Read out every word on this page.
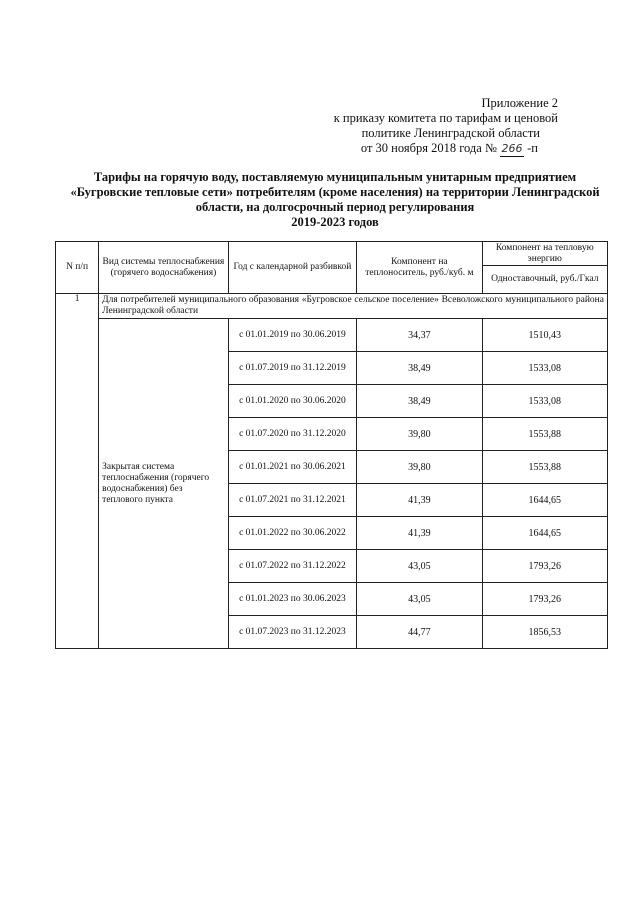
Приложение 2
к приказу комитета по тарифам и ценовой
политике Ленинградской области
от 30 ноября 2018 года № 266 -п
Тарифы на горячую воду, поставляемую муниципальным унитарным предприятием
«Бугровские тепловые сети» потребителям (кроме населения) на территории Ленинградской
области, на долгосрочный период регулирования
2019-2023 годов
N п/п	Вид системы теплоснабжения (горячего водоснабжения)	Год с календарной разбивкой	Компонент на теплоноситель, руб./куб. м	Компонент на тепловую энергию
				Одноставочный, руб./Гкал
1	Для потребителей муниципального образования «Бугровское сельское поселение» Всеволожского муниципального района Ленинградской области			
	Закрытая система теплоснабжения (горячего водоснабжения) без теплового пункта	с 01.01.2019 по 30.06.2019	34,37	1510,43
		с 01.07.2019 по 31.12.2019	38,49	1533,08
		с 01.01.2020 по 30.06.2020	38,49	1533,08
		с 01.07.2020 по 31.12.2020	39,80	1553,88
		с 01.01.2021 по 30.06.2021	39,80	1553,88
		с 01.07.2021 по 31.12.2021	41,39	1644,65
		с 01.01.2022 по 30.06.2022	41,39	1644,65
		с 01.07.2022 по 31.12.2022	43,05	1793,26
		с 01.01.2023 по 30.06.2023	43,05	1793,26
		с 01.07.2023 по 31.12.2023	44,77	1856,53
